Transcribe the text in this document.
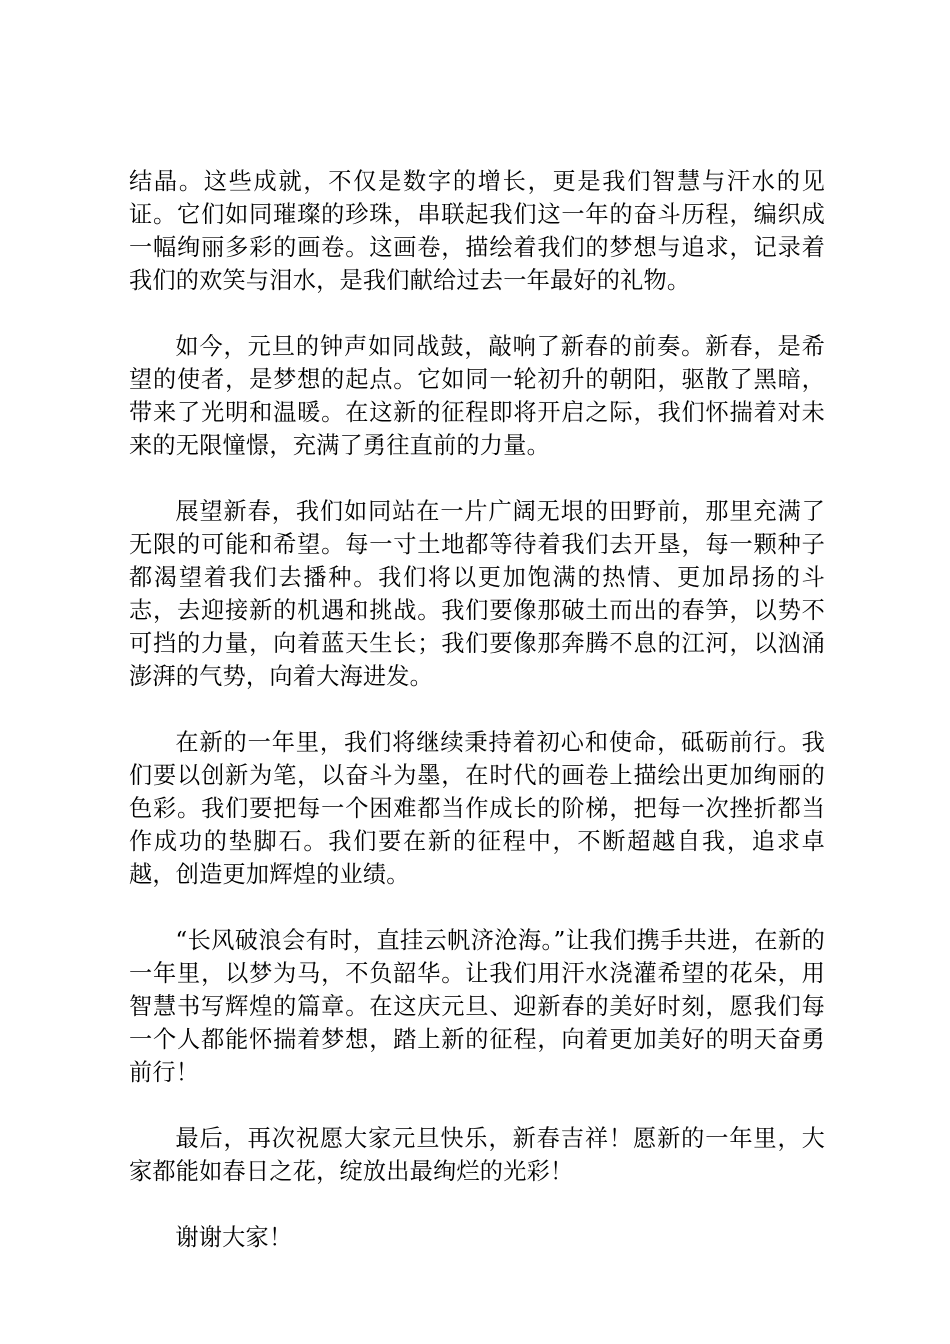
结晶。这些成就，不仅是数字的增长，更是我们智慧与汗水的见证。它们如同璀璨的珍珠，串联起我们这一年的奋斗历程，编织成一幅绚丽多彩的画卷。这画卷，描绘着我们的梦想与追求，记录着我们的欢笑与泪水，是我们献给过去一年最好的礼物。

如今，元旦的钟声如同战鼓，敲响了新春的前奏。新春，是希望的使者，是梦想的起点。它如同一轮初升的朝阳，驱散了黑暗，带来了光明和温暖。在这新的征程即将开启之际，我们怀揣着对未来的无限憧憬，充满了勇往直前的力量。

展望新春，我们如同站在一片广阔无垠的田野前，那里充满了无限的可能和希望。每一寸土地都等待着我们去开垦，每一颗种子都渴望着我们去播种。我们将以更加饱满的热情、更加昂扬的斗志，去迎接新的机遇和挑战。我们要像那破土而出的春笋，以势不可挡的力量，向着蓝天生长；我们要像那奔腾不息的江河，以汹涌澎湃的气势，向着大海进发。

在新的一年里，我们将继续秉持着初心和使命，砥砺前行。我们要以创新为笔，以奋斗为墨，在时代的画卷上描绘出更加绚丽的色彩。我们要把每一个困难都当作成长的阶梯，把每一次挫折都当作成功的垫脚石。我们要在新的征程中，不断超越自我，追求卓越，创造更加辉煌的业绩。

“长风破浪会有时，直挂云帆济沧海。”让我们携手共进，在新的一年里，以梦为马，不负韶华。让我们用汗水浇灌希望的花朵，用智慧书写辉煌的篇章。在这庆元旦、迎新春的美好时刻，愿我们每一个人都能怀揣着梦想，踏上新的征程，向着更加美好的明天奋勇前行！

最后，再次祝愿大家元旦快乐，新春吉祥！愿新的一年里，大家都能如春日之花，绽放出最绚烂的光彩！

谢谢大家！
